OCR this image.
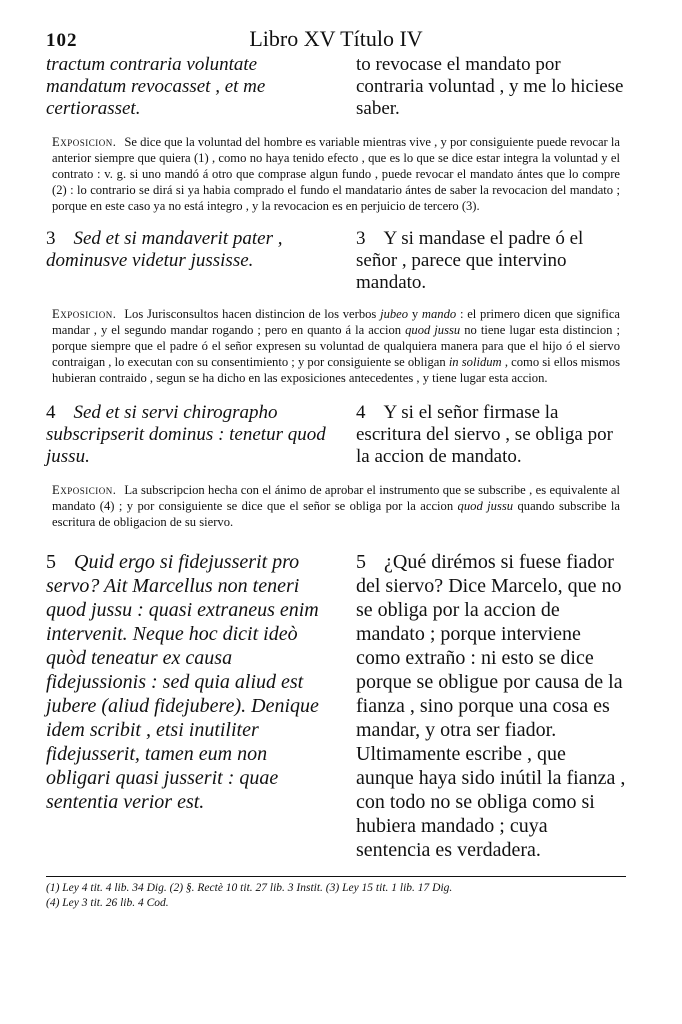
102	Libro XV Título IV
tractum contraria voluntate mandatum revocasset , et me certiorasset.
to revocase el mandato por contraria voluntad , y me lo hiciese saber.
Exposicion. Se dice que la voluntad del hombre es variable mientras vive , y por consiguiente puede revocar la anterior siempre que quiera (1) , como no haya tenido efecto , que es lo que se dice estar integra la voluntad y el contrato : v. g. si uno mandó á otro que comprase algun fundo , puede revocar el mandato ántes que lo compre (2) : lo contrario se dirá si ya habia comprado el fundo el mandatario ántes de saber la revocacion del mandato ; porque en este caso ya no está integro , y la revocacion es en perjuicio de tercero (3).
3 Sed et si mandaverit pater , dominusve videtur jussisse.
3 Y si mandase el padre ó el señor , parece que intervino mandato.
Exposicion. Los Jurisconsultos hacen distincion de los verbos jubeo y mando : el primero dicen que significa mandar , y el segundo mandar rogando ; pero en quanto á la accion quod jussu no tiene lugar esta distincion ; porque siempre que el padre ó el señor expresen su voluntad de qualquiera manera para que el hijo ó el siervo contraigan , lo executan con su consentimiento ; y por consiguiente se obligan in solidum , como si ellos mismos hubieran contraido , segun se ha dicho en las exposiciones antecedentes , y tiene lugar esta accion.
4 Sed et si servi chirographo subscripserit dominus : tenetur quod jussu.
4 Y si el señor firmase la escritura del siervo , se obliga por la accion de mandato.
Exposicion. La subscripcion hecha con el ánimo de aprobar el instrumento que se subscribe , es equivalente al mandato (4) ; y por consiguiente se dice que el señor se obliga por la accion quod jussu quando subscribe la escritura de obligacion de su siervo.
5 Quid ergo si fidejusserit pro servo? Ait Marcellus non teneri quod jussu : quasi extraneus enim intervenit. Neque hoc dicit ideò quòd teneatur ex causa fidejussionis : sed quia aliud est jubere (aliud fidejubere). Denique idem scribit , etsi inutiliter fidejusserit, tamen eum non obligari quasi jusserit : quae sententia verior est.
5 ¿Qué dirémos si fuese fiador del siervo? Dice Marcelo, que no se obliga por la accion de mandato ; porque interviene como extraño : ni esto se dice porque se obligue por causa de la fianza , sino porque una cosa es mandar, y otra ser fiador. Ultimamente escribe , que aunque haya sido inútil la fianza , con todo no se obliga como si hubiera mandado ; cuya sentencia es verdadera.
(1) Ley 4 tit. 4 lib. 34 Dig. (2) §. Rectè 10 tit. 27 lib. 3 Instit. (3) Ley 15 tit. 1 lib. 17 Dig.
(4) Ley 3 tit. 26 lib. 4 Cod.
